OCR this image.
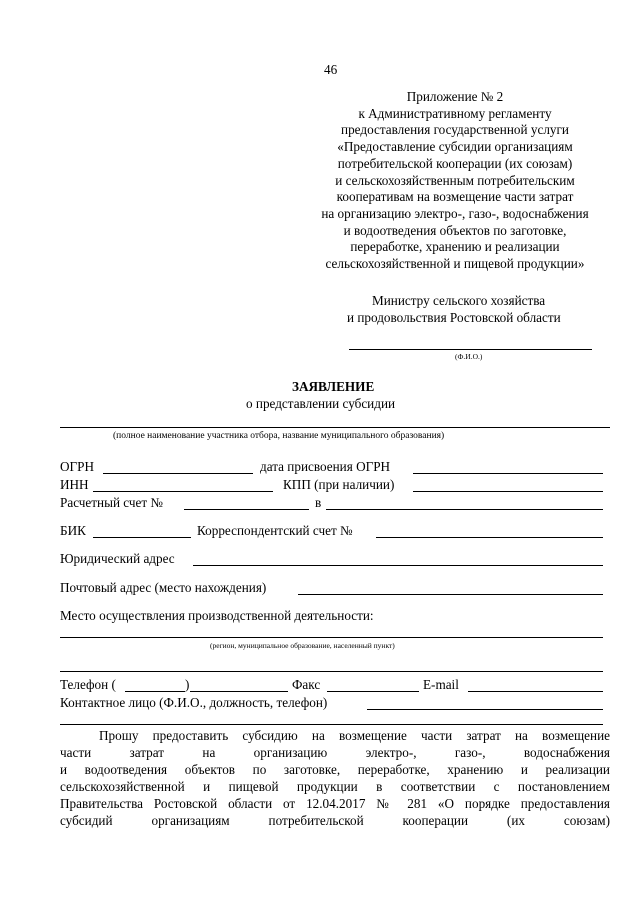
46
Приложение № 2
к Административному регламенту
предоставления государственной услуги
«Предоставление субсидии организациям
потребительской кооперации (их союзам)
и сельскохозяйственным потребительским
кооперативам на возмещение части затрат
на организацию электро-, газо-, водоснабжения
и водоотведения объектов по заготовке,
переработке, хранению и реализации
сельскохозяйственной и пищевой продукции»
Министру сельского хозяйства
и продовольствия Ростовской области
(Ф.И.О.)
ЗАЯВЛЕНИЕ
о представлении субсидии
(полное наименование участника отбора, название муниципального образования)
ОГРН	дата присвоения ОГРН
ИНН	КПП (при наличии)
Расчетный счет №	в
БИК	Корреспондентский счет №
Юридический адрес
Почтовый адрес (место нахождения)
Место осуществления производственной деятельности:
(регион, муниципальное образование, населенный пункт)
Телефон (	)	Факс	E-mail
Контактное лицо (Ф.И.О., должность, телефон)
Прошу предоставить субсидию на возмещение части затрат на возмещение
части затрат на организацию электро-, газо-, водоснабжения
и водоотведения объектов по заготовке, переработке, хранению и реализации
сельскохозяйственной и пищевой продукции в соответствии с постановлением
Правительства Ростовской области от 12.04.2017 № 281 «О порядке предоставления
субсидий организациям потребительской кооперации (их союзам)
